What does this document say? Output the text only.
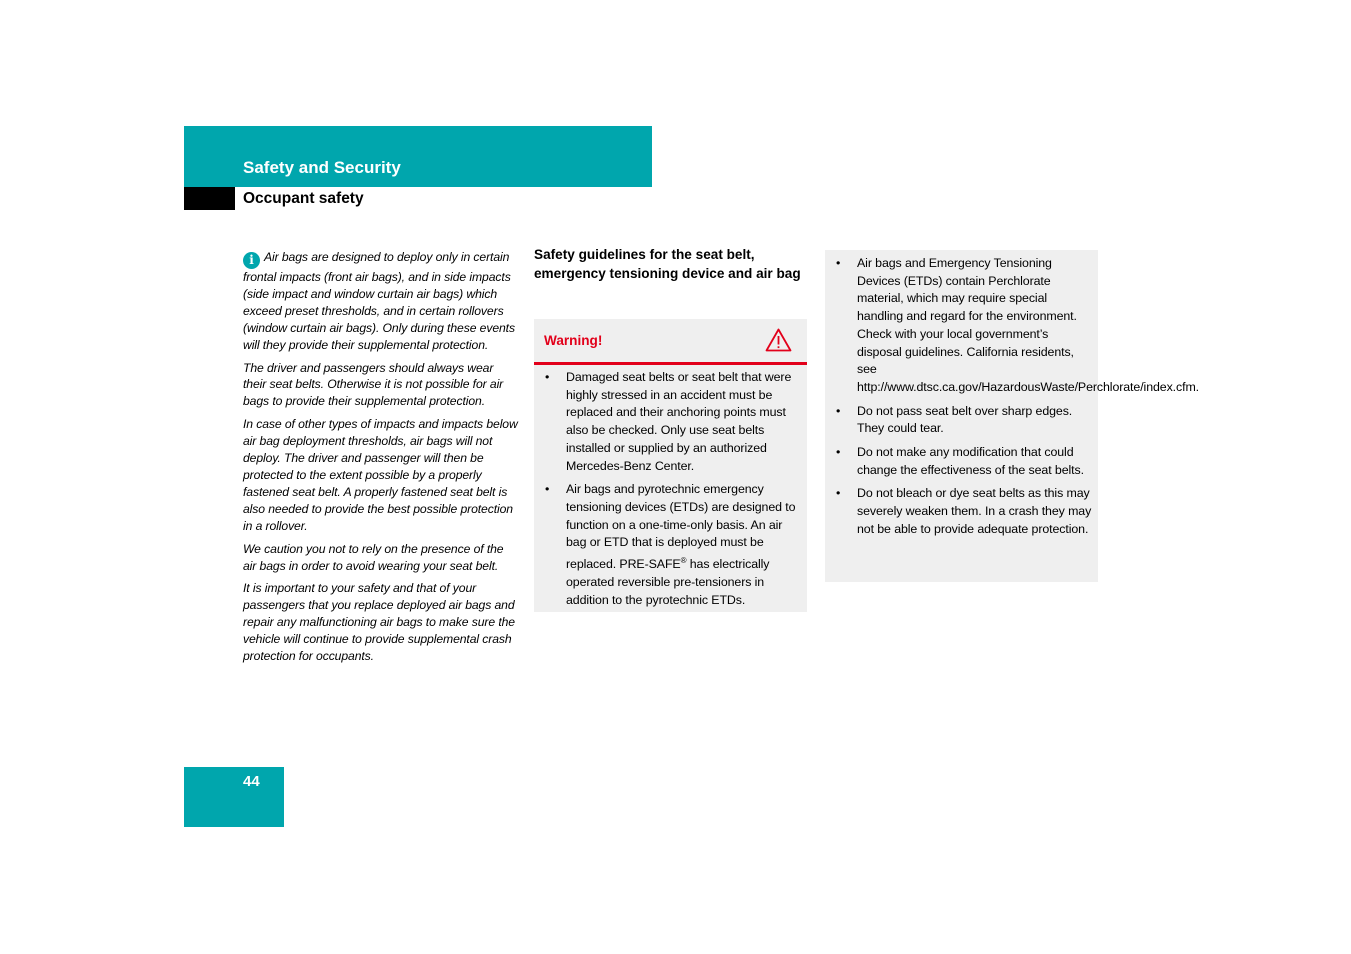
Safety and Security
Occupant safety

i Air bags are designed to deploy only in certain frontal impacts (front air bags), and in side impacts (side impact and window curtain air bags) which exceed preset thresholds, and in certain rollovers (window curtain air bags). Only during these events will they provide their supplemental protection.

The driver and passengers should always wear their seat belts. Otherwise it is not possible for air bags to provide their supplemental protection.

In case of other types of impacts and impacts below air bag deployment thresholds, air bags will not deploy. The driver and passenger will then be protected to the extent possible by a properly fastened seat belt. A properly fastened seat belt is also needed to provide the best possible protection in a rollover.

We caution you not to rely on the presence of the air bags in order to avoid wearing your seat belt.

It is important to your safety and that of your passengers that you replace deployed air bags and repair any malfunctioning air bags to make sure the vehicle will continue to provide supplemental crash protection for occupants.

Safety guidelines for the seat belt, emergency tensioning device and air bag
Warning!
• Damaged seat belts or seat belt that were highly stressed in an accident must be replaced and their anchoring points must also be checked. Only use seat belts installed or supplied by an authorized Mercedes-Benz Center.
• Air bags and pyrotechnic emergency tensioning devices (ETDs) are designed to function on a one-time-only basis. An air bag or ETD that is deployed must be replaced. PRE-SAFE® has electrically operated reversible pre-tensioners in addition to the pyrotechnic ETDs.
• Air bags and Emergency Tensioning Devices (ETDs) contain Perchlorate material, which may require special handling and regard for the environment. Check with your local government’s disposal guidelines. California residents, see http://www.dtsc.ca.gov/HazardousWaste/Perchlorate/index.cfm.
• Do not pass seat belt over sharp edges. They could tear.
• Do not make any modification that could change the effectiveness of the seat belts.
• Do not bleach or dye seat belts as this may severely weaken them. In a crash they may not be able to provide adequate protection.
44
